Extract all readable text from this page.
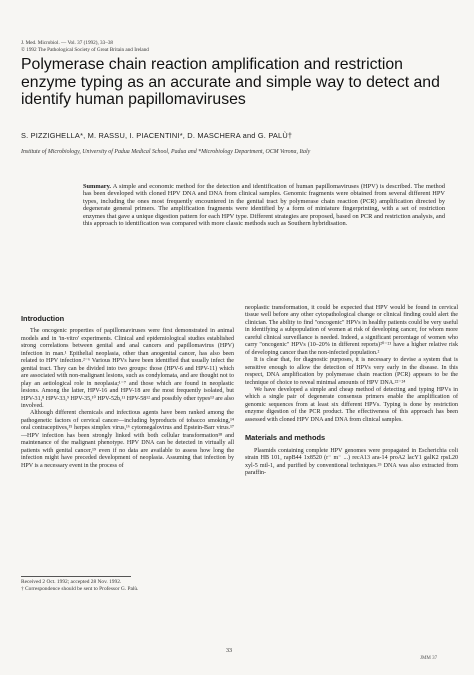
J. Med. Microbiol. — Vol. 37 (1992), 33–38
© 1992 The Pathological Society of Great Britain and Ireland
Polymerase chain reaction amplification and restriction enzyme typing as an accurate and simple way to detect and identify human papillomaviruses
S. PIZZIGHELLA*, M. RASSU, I. PIACENTINI*, D. MASCHERA and G. PALÙ†
Institute of Microbiology, University of Padua Medical School, Padua and *Microbiology Department, OCM Verona, Italy
Summary. A simple and economic method for the detection and identification of human papillomaviruses (HPV) is described. The method has been developed with cloned HPV DNA and DNA from clinical samples. Genomic fragments were obtained from several different HPV types, including the ones most frequently encountered in the genital tract by polymerase chain reaction (PCR) amplification directed by degenerate general primers. The amplification fragments were identified by a form of miniature fingerprinting, with a set of restriction enzymes that gave a unique digestion pattern for each HPV type. Different strategies are proposed, based on PCR and restriction analysis, and this approach to identification was compared with more classic methods such as Southern hybridisation.
Introduction

The oncogenic properties of papillomaviruses were first demonstrated in animal models and in 'in-vitro' experiments. Clinical and epidemiological studies established strong correlations between genital and anal cancers and papillomavirus (HPV) infection in man.¹ Epithelial neoplasia, other than anogenital cancer, has also been related to HPV infection.²⁻⁶ Various HPVs have been identified that usually infect the genital tract. They can be divided into two groups: those (HPV-6 and HPV-11) which are associated with non-malignant lesions, such as condylomata, and are thought not to play an aetiological role in neoplasia;¹⁻⁷ and those which are found in neoplastic lesions. Among the latter, HPV-16 and HPV-18 are the most frequently isolated, but HPV-31,⁸ HPV-33,⁹ HPV-35,¹⁰ HPV-52b,¹¹ HPV-58¹² and possibly other types¹³ are also involved.

Although different chemicals and infectious agents have been ranked among the pathogenetic factors of cervical cancer—including byproducts of tobacco smoking,¹⁴ oral contraceptives,¹⁵ herpes simplex virus,¹⁶ cytomegalovirus and Epstein-Barr virus.¹⁷—HPV infection has been strongly linked with both cellular transformation¹⁸ and maintenance of the malignant phenotype. HPV DNA can be detected in virtually all patients with genital cancer,¹⁹ even if no data are available to assess how long the infection might have preceded development of neoplasia. Assuming that infection by HPV is a necessary event in the process of

neoplastic transformation, it could be expected that HPV would be found in cervical tissue well before any other cytopathological change or clinical finding could alert the clinician. The ability to find "oncogenic" HPVs in healthy patients could be very useful in identifying a subpopulation of women at risk of developing cancer, for whom more careful clinical surveillance is needed. Indeed, a significant percentage of women who carry "oncogenic" HPVs (10–20% in different reports)²⁰⁻²¹ have a higher relative risk of developing cancer than the non-infected population.²

It is clear that, for diagnostic purposes, it is necessary to devise a system that is sensitive enough to allow the detection of HPVs very early in the disease. In this respect, DNA amplification by polymerase chain reaction (PCR) appears to be the technique of choice to reveal minimal amounts of HPV DNA.²²⁻²⁴

We have developed a simple and cheap method of detecting and typing HPVs in which a single pair of degenerate consensus primers enable the amplification of genomic sequences from at least six different HPVs. Typing is done by restriction enzyme digestion of the PCR product. The effectiveness of this approach has been assessed with cloned HPV DNA and DNA from clinical samples.

Materials and methods

Plasmids containing complete HPV genomes were propagated in Escherichia coli strain HB 101, rapB44 1x8520 (r⁻ m⁻ ...) recA13 ara-14 proA2 lacY1 galK2 rpsL20 xyl-5 mtl-1, and purified by conventional techniques.²⁶ DNA was also extracted from paraffin-

Received 2 Oct. 1992; accepted 28 Nov. 1992.
† Correspondence should be sent to Professor G. Palù.
33
JMM 37
